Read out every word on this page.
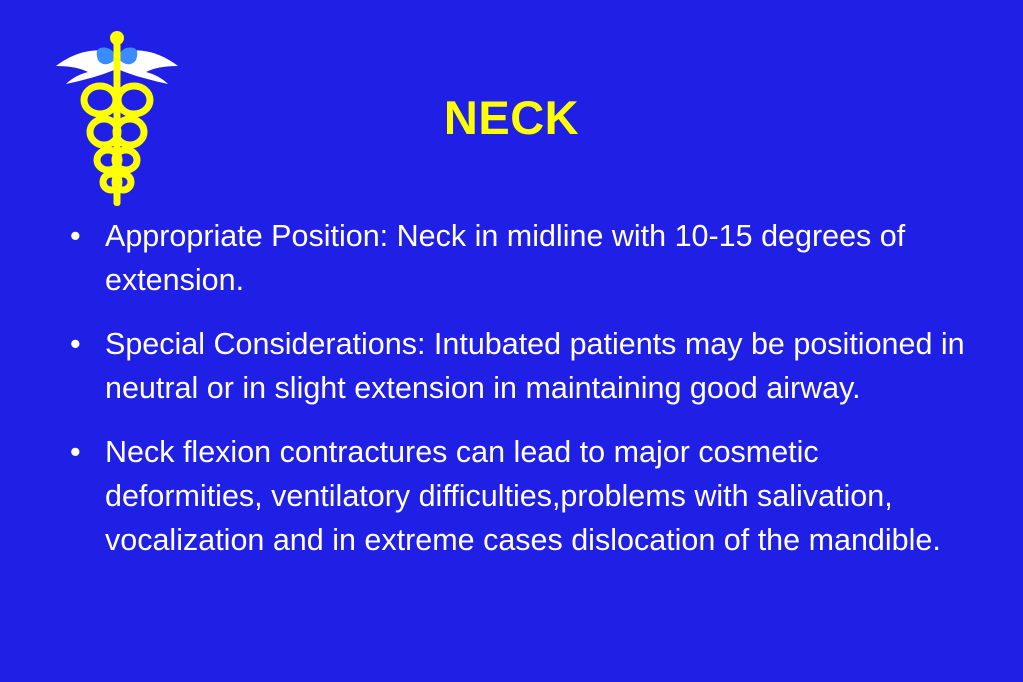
NECK
• Appropriate Position: Neck in midline with 10-15 degrees of extension.
• Special Considerations: Intubated patients may be positioned in neutral or in slight extension in maintaining good airway.
• Neck flexion contractures can lead to major cosmetic deformities, ventilatory difficulties,problems with salivation, vocalization and in extreme cases dislocation of the mandible.
